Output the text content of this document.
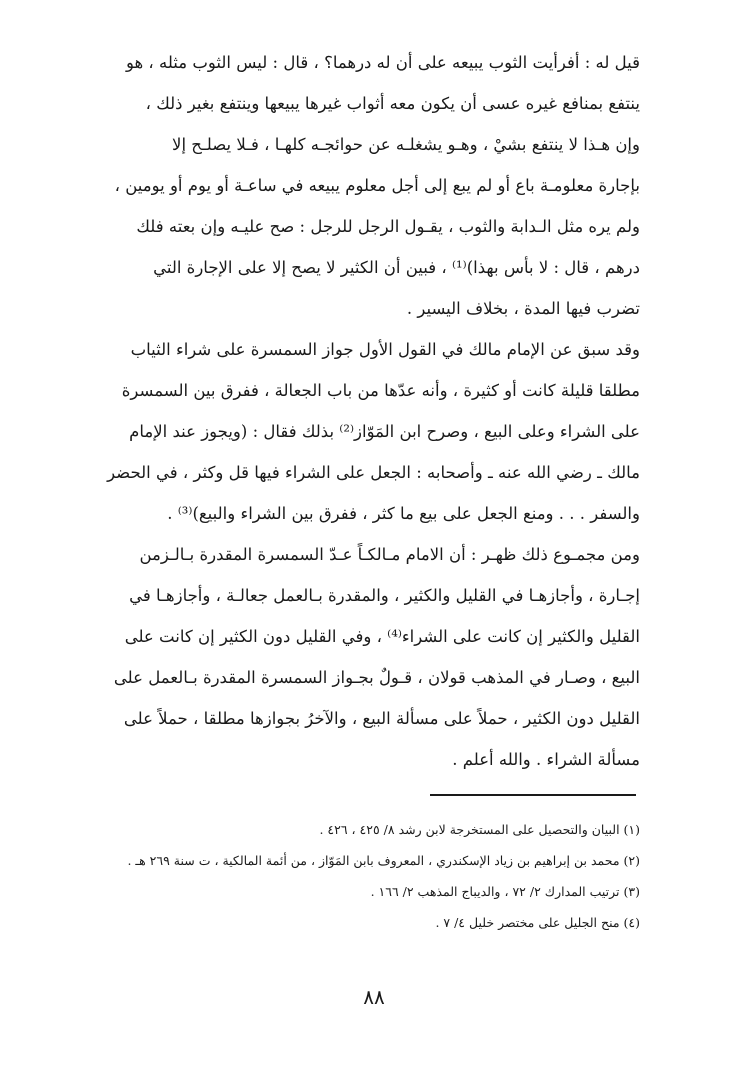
قيل له : أفرأيت الثوب يبيعه على أن له درهما؟ ، قال : ليس الثوب مثله ، هو
ينتفع بمنافع غيره عسى أن يكون معه أثواب غيرها يبيعها وينتفع بغير ذلك ،
وإن هـذا لا ينتفع بشيْ ، وهـو يشغلـه عن حوائجـه كلهـا ، فـلا يصلـح إلا
بإجارة معلومـة باع أو لم يبع إلى أجل معلوم يبيعه في ساعـة أو يوم أو يومين ،
ولم يره مثل الـدابة والثوب ، يقـول الرجل للرجل : صح عليـه وإن بعته فلك
درهم ، قال : لا بأس بهذا)⁽¹⁾ ، فبين أن الكثير لا يصح إلا على الإجارة التي
تضرب فيها المدة ، بخلاف اليسير .
وقد سبق عن الإمام مالك في القول الأول جواز السمسرة على شراء الثياب
مطلقا قليلة كانت أو كثيرة ، وأنه عدّها من باب الجعالة ، ففرق بين السمسرة
على الشراء وعلى البيع ، وصرح ابن المَوّاز⁽²⁾ بذلك فقال : (ويجوز عند الإمام
مالك ـ رضي الله عنه ـ وأصحابه : الجعل على الشراء فيها قل وكثر ، في الحضر
والسفر . . . ومنع الجعل على بيع ما كثر ، ففرق بين الشراء والبيع)⁽³⁾ .
ومن مجمـوع ذلك ظهـر : أن الامام مـالكـاً عـدّ السمسرة المقدرة بـالـزمن
إجـارة ، وأجازهـا في القليل والكثير ، والمقدرة بـالعمل جعالـة ، وأجازهـا في
القليل والكثير إن كانت على الشراء⁽⁴⁾ ، وفي القليل دون الكثير إن كانت على
البيع ، وصـار في المذهب قولان ، قـولٌ بجـواز السمسرة المقدرة بـالعمل على
القليل دون الكثير ، حملاً على مسألة البيع ، والآخرُ بجوازها مطلقا ، حملاً على
مسألة الشراء . والله أعلم .
(١) البيان والتحصيل على المستخرجة لابن رشد ٨/ ٤٢٥ ، ٤٢٦ .
(٢) محمد بن إبراهيم بن زياد الإسكندري ، المعروف بابن المَوّاز ، من أئمة المالكية ، ت سنة ٢٦٩ هـ .
(٣) ترتيب المدارك ٢/ ٧٢ ، والديباج المذهب ٢/ ١٦٦ .
(٤) منح الجليل على مختصر خليل ٤/ ٧ .
٨٨
